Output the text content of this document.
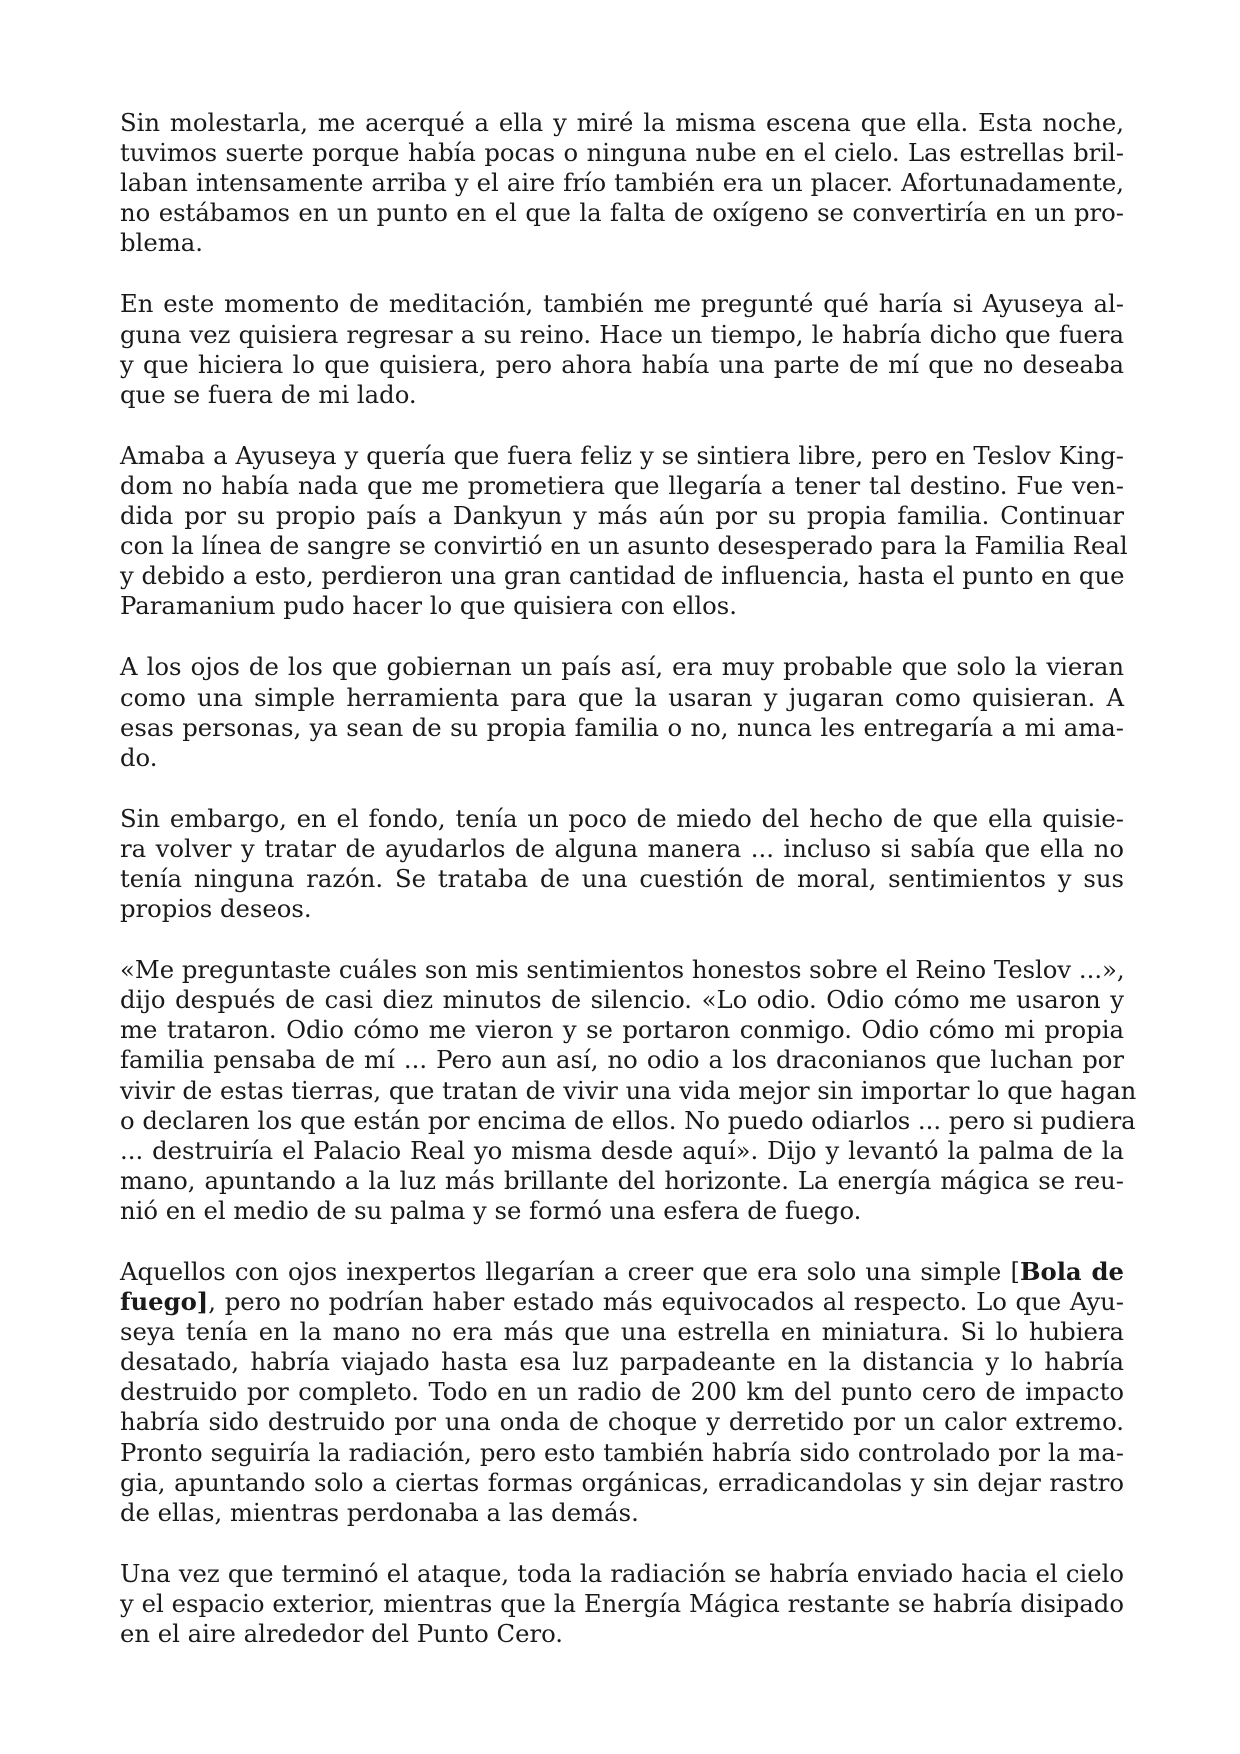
Sin molestarla, me acerqué a ella y miré la misma escena que ella. Esta noche,
tuvimos suerte porque había pocas o ninguna nube en el cielo. Las estrellas bril-
laban intensamente arriba y el aire frío también era un placer. Afortunadamente,
no estábamos en un punto en el que la falta de oxígeno se convertiría en un pro-
blema.
En este momento de meditación, también me pregunté qué haría si Ayuseya al-
guna vez quisiera regresar a su reino. Hace un tiempo, le habría dicho que fuera
y que hiciera lo que quisiera, pero ahora había una parte de mí que no deseaba
que se fuera de mi lado.
Amaba a Ayuseya y quería que fuera feliz y se sintiera libre, pero en Teslov King-
dom no había nada que me prometiera que llegaría a tener tal destino. Fue ven-
dida por su propio país a Dankyun y más aún por su propia familia. Continuar
con la línea de sangre se convirtió en un asunto desesperado para la Familia Real
y debido a esto, perdieron una gran cantidad de influencia, hasta el punto en que
Paramanium pudo hacer lo que quisiera con ellos.
A los ojos de los que gobiernan un país así, era muy probable que solo la vieran
como una simple herramienta para que la usaran y jugaran como quisieran. A
esas personas, ya sean de su propia familia o no, nunca les entregaría a mi ama-
do.
Sin embargo, en el fondo, tenía un poco de miedo del hecho de que ella quisie-
ra volver y tratar de ayudarlos de alguna manera ... incluso si sabía que ella no
tenía ninguna razón. Se trataba de una cuestión de moral, sentimientos y sus
propios deseos.
«Me preguntaste cuáles son mis sentimientos honestos sobre el Reino Teslov ...»,
dijo después de casi diez minutos de silencio. «Lo odio. Odio cómo me usaron y
me trataron. Odio cómo me vieron y se portaron conmigo. Odio cómo mi propia
familia pensaba de mí ... Pero aun así, no odio a los draconianos que luchan por
vivir de estas tierras, que tratan de vivir una vida mejor sin importar lo que hagan
o declaren los que están por encima de ellos. No puedo odiarlos ... pero si pudiera
... destruiría el Palacio Real yo misma desde aquí». Dijo y levantó la palma de la
mano, apuntando a la luz más brillante del horizonte. La energía mágica se reu-
nió en el medio de su palma y se formó una esfera de fuego.
Aquellos con ojos inexpertos llegarían a creer que era solo una simple [Bola de
fuego], pero no podrían haber estado más equivocados al respecto. Lo que Ayu-
seya tenía en la mano no era más que una estrella en miniatura. Si lo hubiera
desatado, habría viajado hasta esa luz parpadeante en la distancia y lo habría
destruido por completo. Todo en un radio de 200 km del punto cero de impacto
habría sido destruido por una onda de choque y derretido por un calor extremo.
Pronto seguiría la radiación, pero esto también habría sido controlado por la ma-
gia, apuntando solo a ciertas formas orgánicas, erradicandolas y sin dejar rastro
de ellas, mientras perdonaba a las demás.
Una vez que terminó el ataque, toda la radiación se habría enviado hacia el cielo
y el espacio exterior, mientras que la Energía Mágica restante se habría disipado
en el aire alrededor del Punto Cero.
